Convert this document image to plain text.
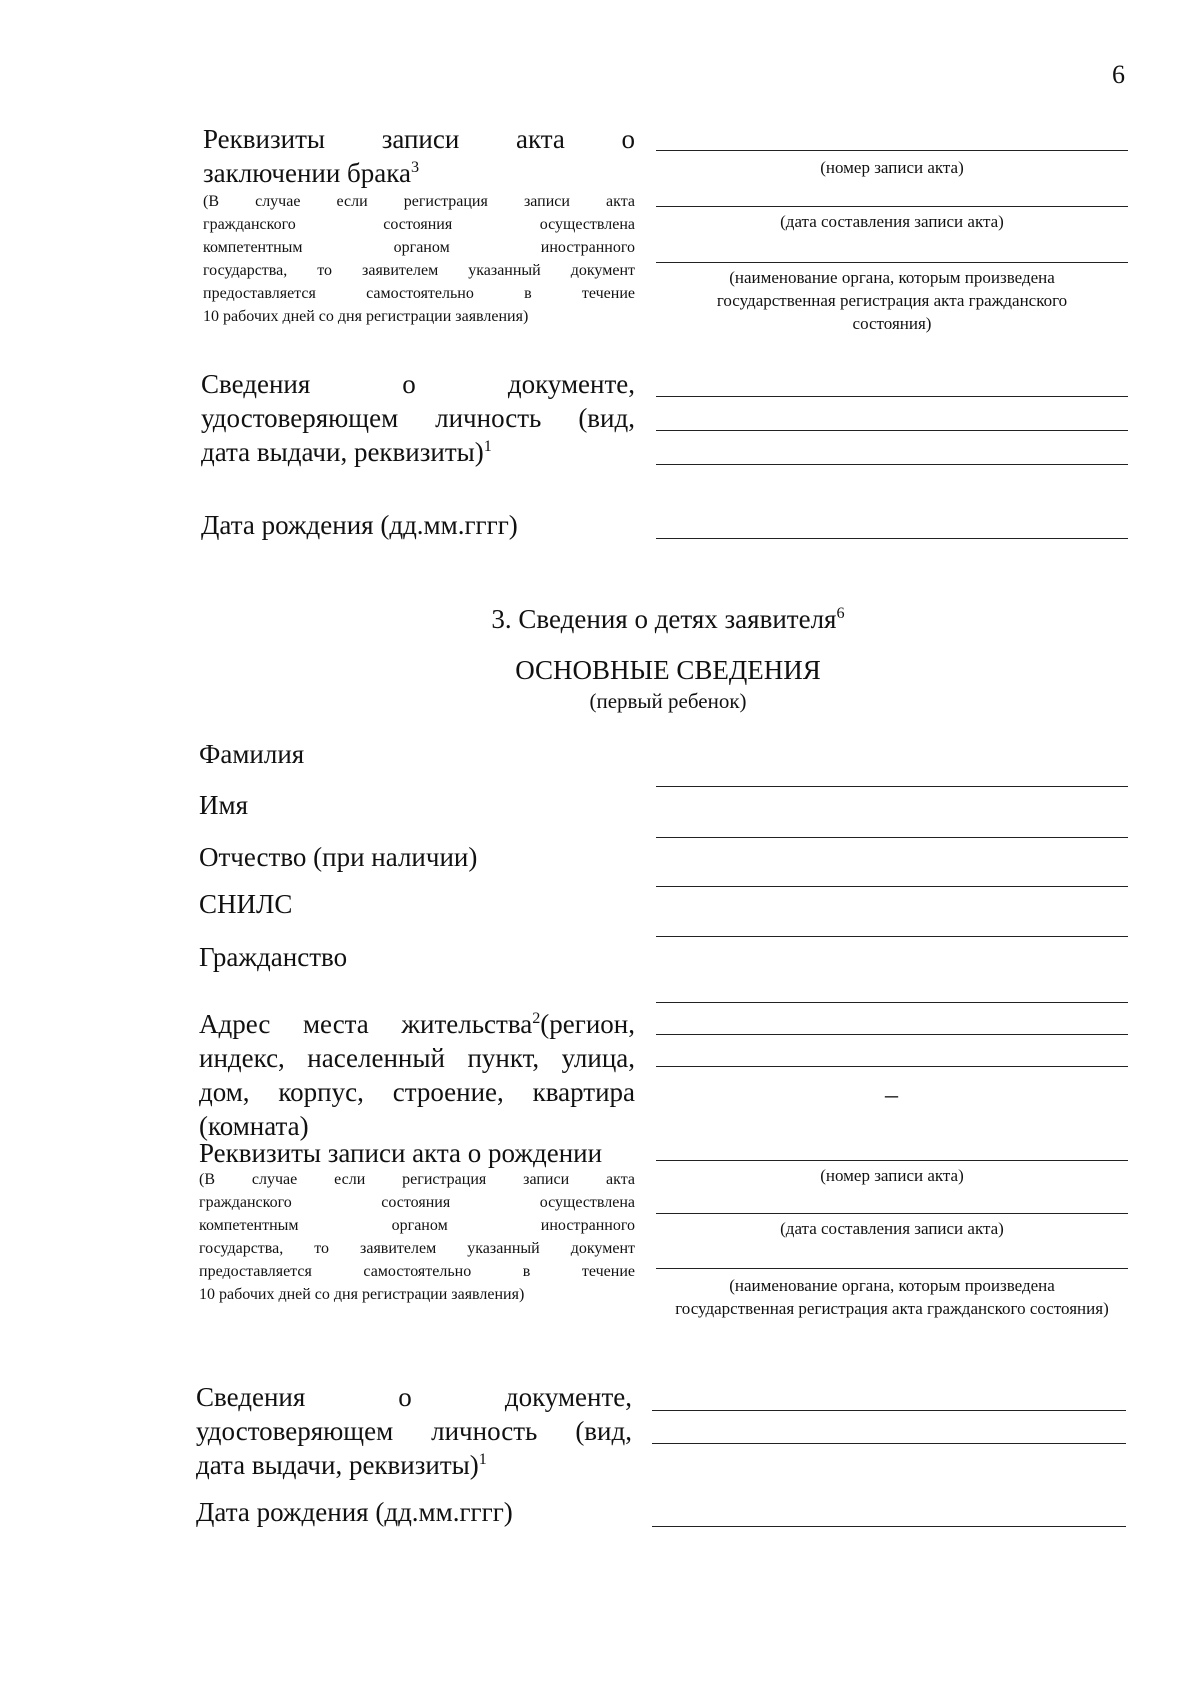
6
Реквизиты записи акта о
заключении брака$^3$
(В случае если регистрация записи акта
гражданского состояния осуществлена
компетентным органом иностранного
государства, то заявителем указанный документ
предоставляется самостоятельно в течение
10 рабочих дней со дня регистрации заявления)
(номер записи акта)
(дата составления записи акта)
(наименование органа, которым произведена государственная регистрация акта гражданского состояния)
Сведения	о	документе,
удостоверяющем личность (вид,
дата выдачи, реквизиты)$^1$
Дата рождения (дд.мм.гггг)
3. Сведения о детях заявителя$^6$
ОСНОВНЫЕ СВЕДЕНИЯ
(первый ребенок)
Фамилия
Имя
Отчество (при наличии)
СНИЛС
Гражданство
Адрес места жительства$^2$(регион,
индекс, населенный пункт, улица,
дом, корпус, строение, квартира
(комната)
–
Реквизиты записи акта о рождении
(В случае если регистрация записи акта
гражданского состояния осуществлена
компетентным органом иностранного
государства, то заявителем указанный документ
предоставляется самостоятельно в течение
10 рабочих дней со дня регистрации заявления)
(номер записи акта)
(дата составления записи акта)
(наименование органа, которым произведена государственная регистрация акта гражданского состояния)
Сведения	о	документе,
удостоверяющем личность (вид,
дата выдачи, реквизиты)$^1$
Дата рождения (дд.мм.гггг)
